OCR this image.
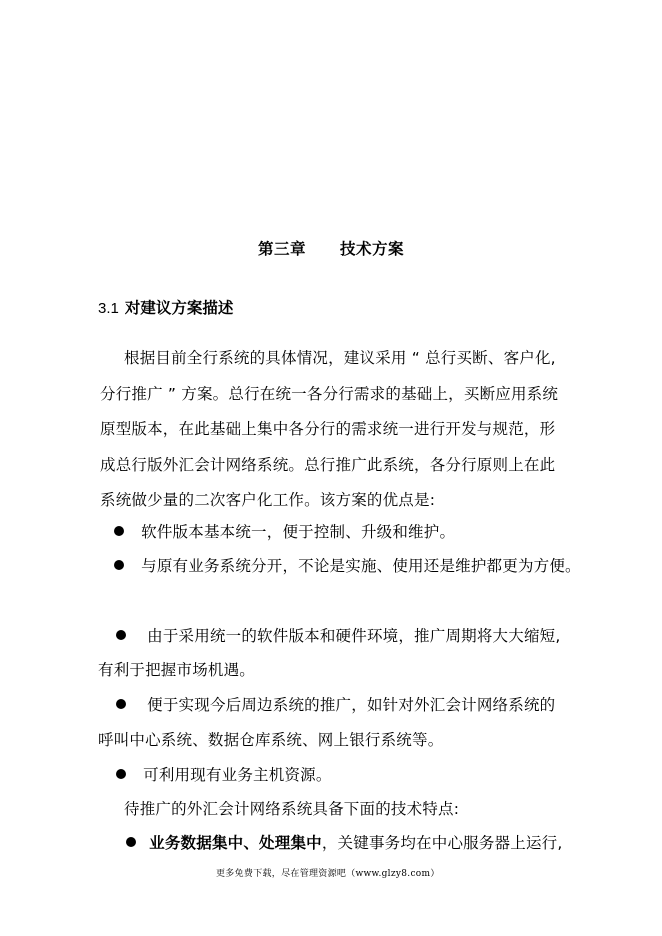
第三章 技术方案
3.1 对建议方案描述
根据目前全行系统的具体情况，建议采用 “ 总行买断、客户化,
分行推广 ” 方案。总行在统一各分行需求的基础上，买断应用系统
原型版本，在此基础上集中各分行的需求统一进行开发与规范，形
成总行版外汇会计网络系统。总行推广此系统，各分行原则上在此
系统做少量的二次客户化工作。该方案的优点是:
软件版本基本统一，便于控制、升级和维护。
与原有业务系统分开，不论是实施、使用还是维护都更为方便。
由于采用统一的软件版本和硬件环境，推广周期将大大缩短,
有利于把握市场机遇。
便于实现今后周边系统的推广，如针对外汇会计网络系统的
呼叫中心系统、数据仓库系统、网上银行系统等。
可利用现有业务主机资源。
待推广的外汇会计网络系统具备下面的技术特点:
业务数据集中、处理集中，关键事务均在中心服务器上运行,
更多免费下载，尽在管理资源吧（www.glzy8.com）
